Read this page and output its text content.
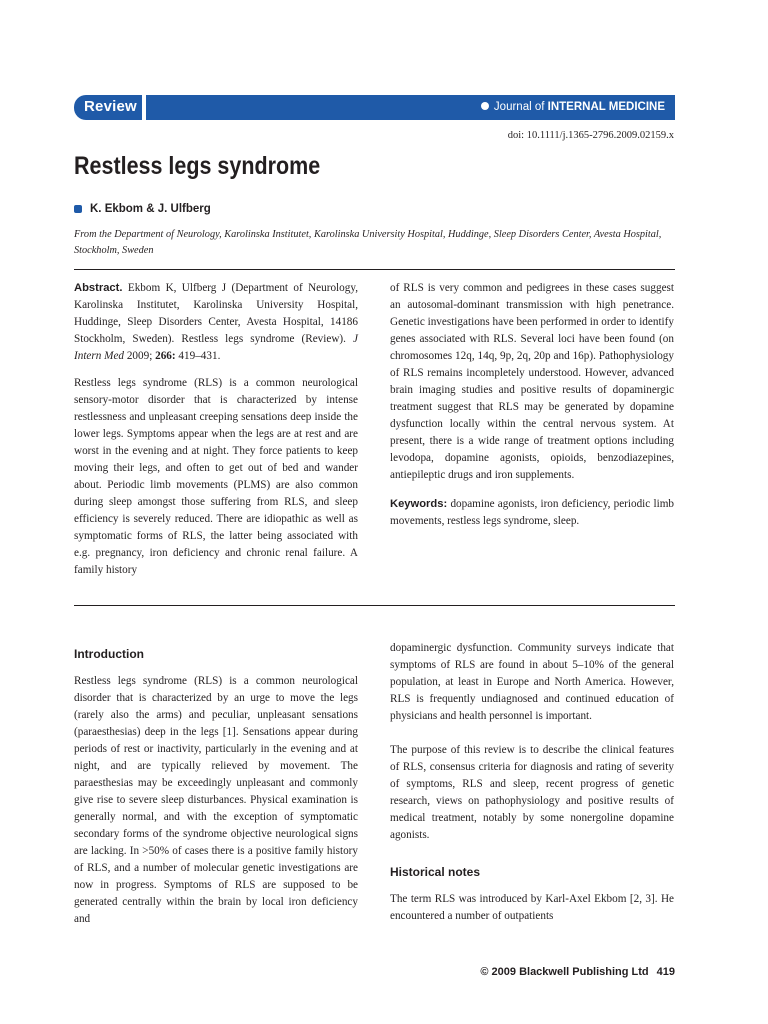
Review	Journal of INTERNAL MEDICINE
doi: 10.1111/j.1365-2796.2009.02159.x
Restless legs syndrome
K. Ekbom & J. Ulfberg
From the Department of Neurology, Karolinska Institutet, Karolinska University Hospital, Huddinge, Sleep Disorders Center, Avesta Hospital, Stockholm, Sweden

Abstract. Ekbom K, Ulfberg J (Department of Neurology, Karolinska Institutet, Karolinska University Hospital, Huddinge, Sleep Disorders Center, Avesta Hospital, 14186 Stockholm, Sweden). Restless legs syndrome (Review). J Intern Med 2009; 266: 419–431.

Restless legs syndrome (RLS) is a common neurological sensory-motor disorder that is characterized by intense restlessness and unpleasant creeping sensations deep inside the lower legs. Symptoms appear when the legs are at rest and are worst in the evening and at night. They force patients to keep moving their legs, and often to get out of bed and wander about. Periodic limb movements (PLMS) are also common during sleep amongst those suffering from RLS, and sleep efficiency is severely reduced. There are idiopathic as well as symptomatic forms of RLS, the latter being associated with e.g. pregnancy, iron deficiency and chronic renal failure. A family history

of RLS is very common and pedigrees in these cases suggest an autosomal-dominant transmission with high penetrance. Genetic investigations have been performed in order to identify genes associated with RLS. Several loci have been found (on chromosomes 12q, 14q, 9p, 2q, 20p and 16p). Pathophysiology of RLS remains incompletely understood. However, advanced brain imaging studies and positive results of dopaminergic treatment suggest that RLS may be generated by dopamine dysfunction locally within the central nervous system. At present, there is a wide range of treatment options including levodopa, dopamine agonists, opioids, benzodiazepines, antiepileptic drugs and iron supplements.

Keywords: dopamine agonists, iron deficiency, periodic limb movements, restless legs syndrome, sleep.

Introduction

Restless legs syndrome (RLS) is a common neurological disorder that is characterized by an urge to move the legs (rarely also the arms) and peculiar, unpleasant sensations (paraesthesias) deep in the legs [1]. Sensations appear during periods of rest or inactivity, particularly in the evening and at night, and are typically relieved by movement. The paraesthesias may be exceedingly unpleasant and commonly give rise to severe sleep disturbances. Physical examination is generally normal, and with the exception of symptomatic secondary forms of the syndrome objective neurological signs are lacking. In >50% of cases there is a positive family history of RLS, and a number of molecular genetic investigations are now in progress. Symptoms of RLS are supposed to be generated centrally within the brain by local iron deficiency and

dopaminergic dysfunction. Community surveys indicate that symptoms of RLS are found in about 5–10% of the general population, at least in Europe and North America. However, RLS is frequently undiagnosed and continued education of physicians and health personnel is important.

The purpose of this review is to describe the clinical features of RLS, consensus criteria for diagnosis and rating of severity of symptoms, RLS and sleep, recent progress of genetic research, views on pathophysiology and positive results of medical treatment, notably by some nonergoline dopamine agonists.

Historical notes

The term RLS was introduced by Karl-Axel Ekbom [2, 3]. He encountered a number of outpatients

© 2009 Blackwell Publishing Ltd 419
